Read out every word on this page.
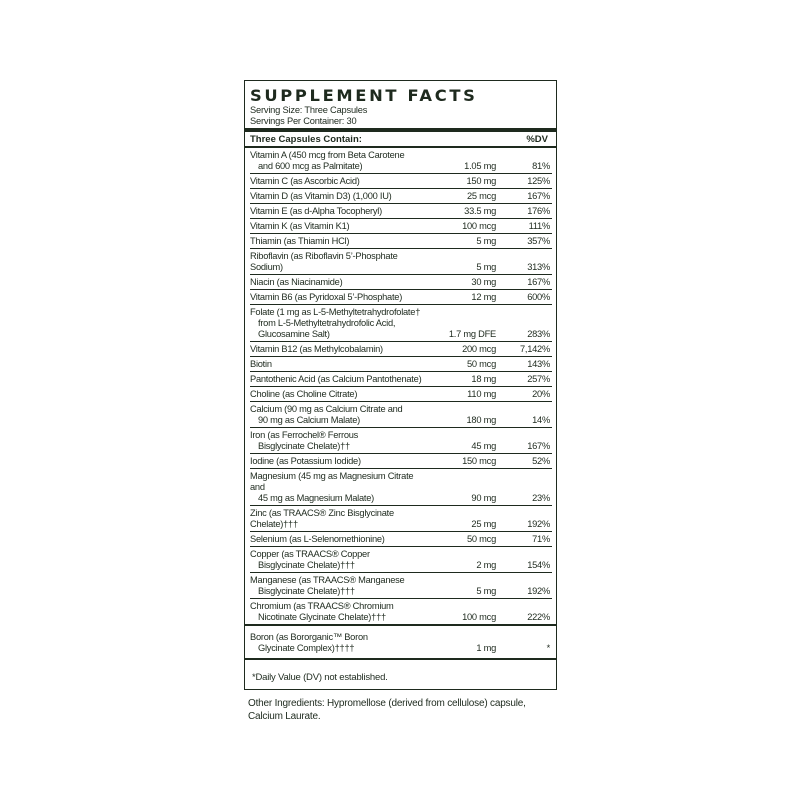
SUPPLEMENT FACTS
Serving Size: Three Capsules
Servings Per Container: 30
Three Capsules Contain:	%DV
Vitamin A (450 mcg from Beta Carotene
and 600 mcg as Palmitate)	1.05 mg	81%
Vitamin C (as Ascorbic Acid)	150 mg	125%
Vitamin D (as Vitamin D3) (1,000 IU)	25 mcg	167%
Vitamin E (as d-Alpha Tocopheryl)	33.5 mg	176%
Vitamin K (as Vitamin K1)	100 mcg	111%
Thiamin (as Thiamin HCl)	5 mg	357%
Riboflavin (as Riboflavin 5’-Phosphate Sodium)	5 mg	313%
Niacin (as Niacinamide)	30 mg	167%
Vitamin B6 (as Pyridoxal 5’-Phosphate)	12 mg	600%
Folate (1 mg as L-5-Methyltetrahydrofolate†
from L-5-Methyltetrahydrofolic Acid,
Glucosamine Salt)	1.7 mg DFE	283%
Vitamin B12 (as Methylcobalamin)	200 mcg	7,142%
Biotin	50 mcg	143%
Pantothenic Acid (as Calcium Pantothenate)	18 mg	257%
Choline (as Choline Citrate)	110 mg	20%
Calcium (90 mg as Calcium Citrate and
90 mg as Calcium Malate)	180 mg	14%
Iron (as Ferrochel® Ferrous
Bisglycinate Chelate)††	45 mg	167%
Iodine (as Potassium Iodide)	150 mcg	52%
Magnesium (45 mg as Magnesium Citrate and
45 mg as Magnesium Malate)	90 mg	23%
Zinc (as TRAACS® Zinc Bisglycinate Chelate)†††	25 mg	192%
Selenium (as L-Selenomethionine)	50 mcg	71%
Copper (as TRAACS® Copper
Bisglycinate Chelate)†††	2 mg	154%
Manganese (as TRAACS® Manganese
Bisglycinate Chelate)†††	5 mg	192%
Chromium (as TRAACS® Chromium
Nicotinate Glycinate Chelate)†††	100 mcg	222%
Boron (as Bororganic™ Boron
Glycinate Complex)††††	1 mg	*
*Daily Value (DV) not established.
Other Ingredients: Hypromellose (derived from cellulose) capsule, Calcium Laurate.
